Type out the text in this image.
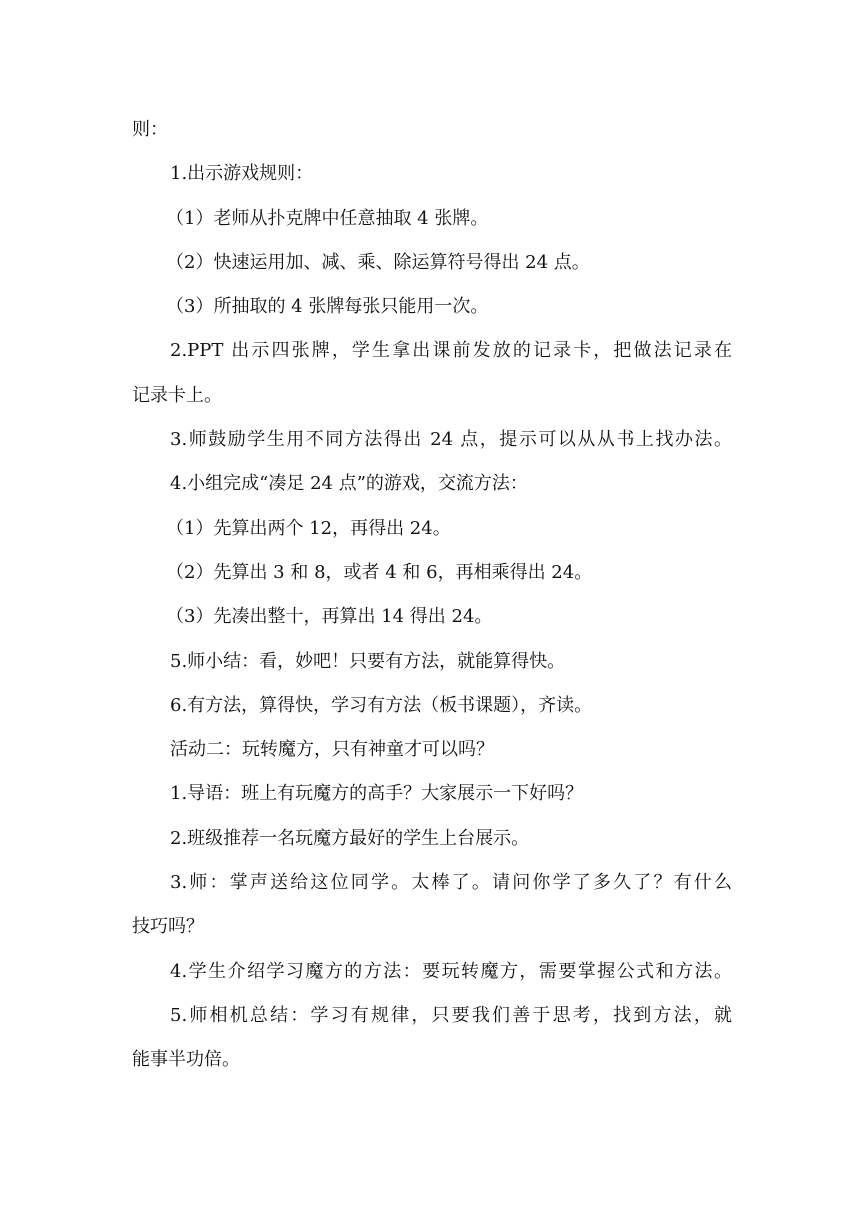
则：
1.出示游戏规则：
（1）老师从扑克牌中任意抽取 4 张牌。
（2）快速运用加、减、乘、除运算符号得出 24 点。
（3）所抽取的 4 张牌每张只能用一次。
2.PPT 出示四张牌，学生拿出课前发放的记录卡，把做法记录在
记录卡上。
3.师鼓励学生用不同方法得出 24 点，提示可以从从书上找办法。
4.小组完成“凑足 24 点”的游戏，交流方法：
（1）先算出两个 12，再得出 24。
（2）先算出 3 和 8，或者 4 和 6，再相乘得出 24。
（3）先凑出整十，再算出 14 得出 24。
5.师小结：看，妙吧！只要有方法，就能算得快。
6.有方法，算得快，学习有方法（板书课题），齐读。
活动二：玩转魔方，只有神童才可以吗？
1.导语：班上有玩魔方的高手？大家展示一下好吗？
2.班级推荐一名玩魔方最好的学生上台展示。
3.师：掌声送给这位同学。太棒了。请问你学了多久了？有什么
技巧吗？
4.学生介绍学习魔方的方法：要玩转魔方，需要掌握公式和方法。
5.师相机总结：学习有规律，只要我们善于思考，找到方法，就
能事半功倍。
